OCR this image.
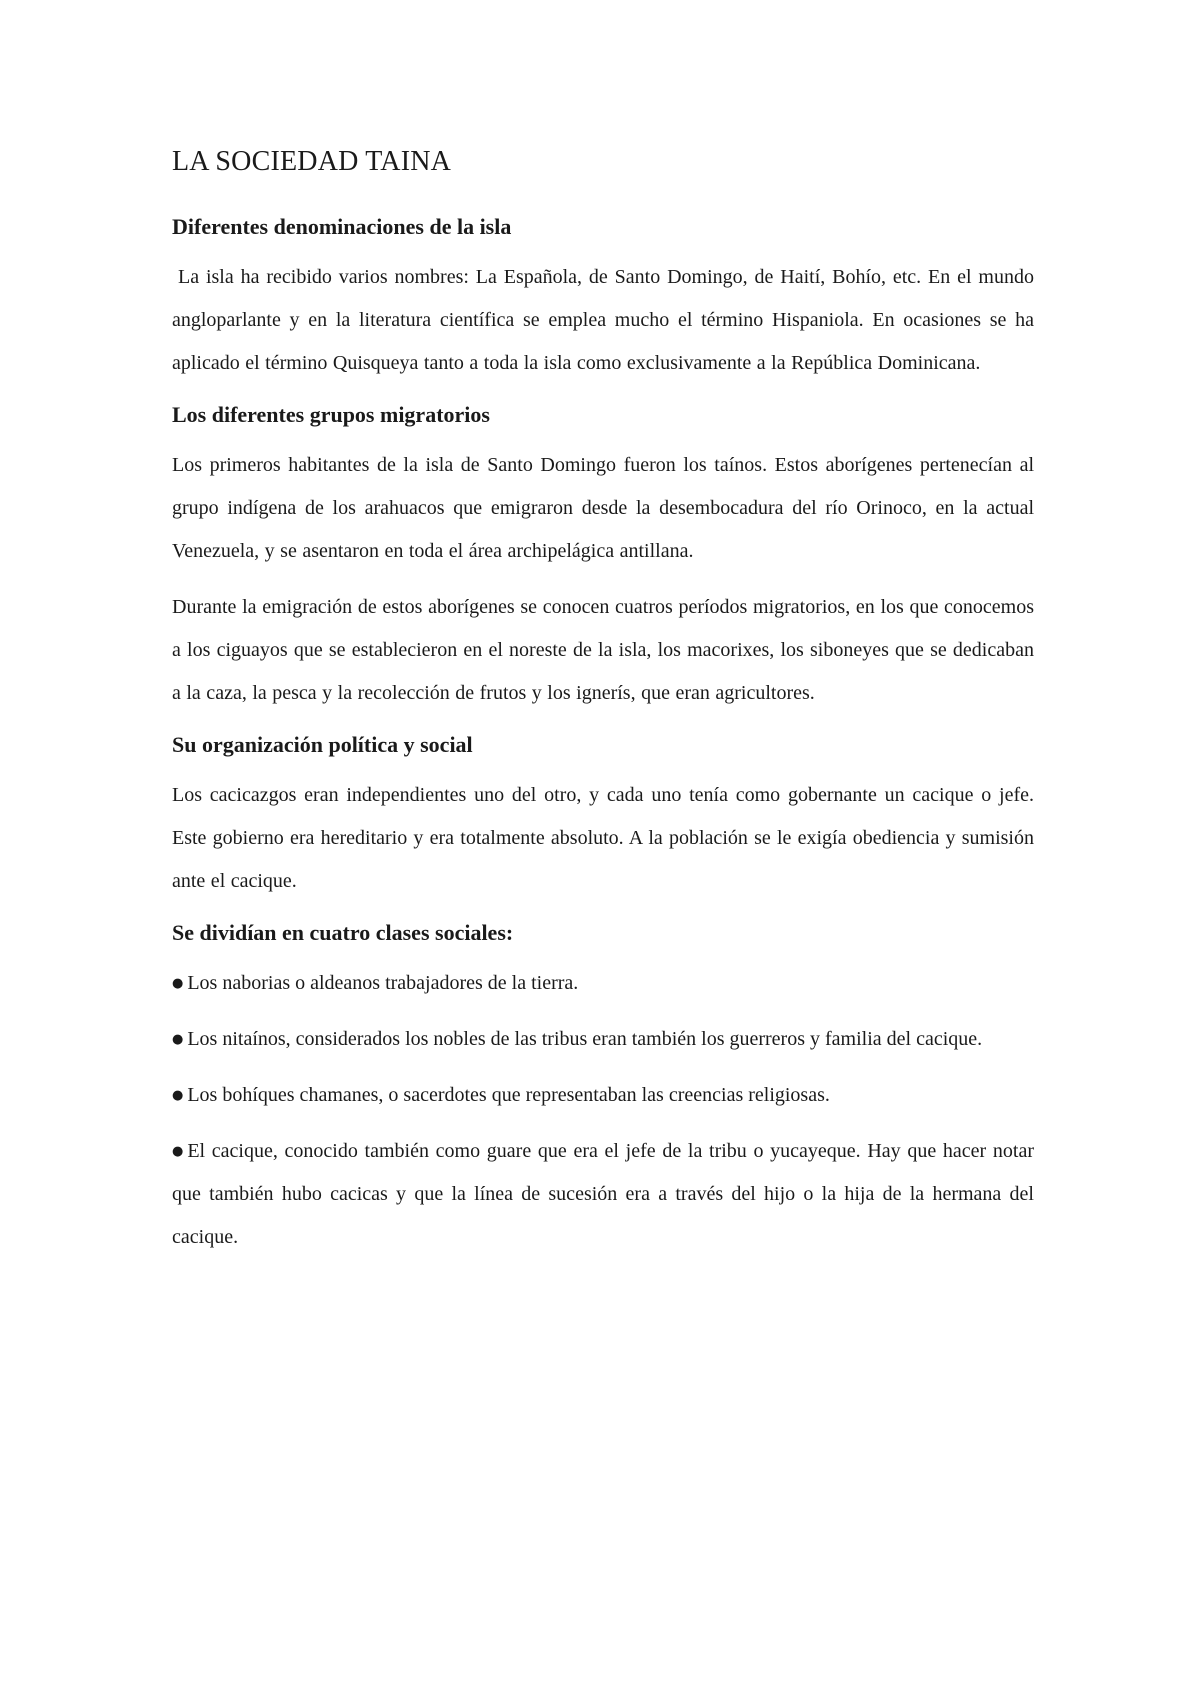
LA SOCIEDAD TAINA
Diferentes denominaciones de la isla

La isla ha recibido varios nombres: La Española, de Santo Domingo, de Haití, Bohío, etc. En el mundo angloparlante y en la literatura científica se emplea mucho el término Hispaniola. En ocasiones se ha aplicado el término Quisqueya tanto a toda la isla como exclusivamente a la República Dominicana.

Los diferentes grupos migratorios

Los primeros habitantes de la isla de Santo Domingo fueron los taínos. Estos aborígenes pertenecían al grupo indígena de los arahuacos que emigraron desde la desembocadura del río Orinoco, en la actual Venezuela, y se asentaron en toda el área archipelágica antillana.

Durante la emigración de estos aborígenes se conocen cuatros períodos migratorios, en los que conocemos a los ciguayos que se establecieron en el noreste de la isla, los macorixes, los siboneyes que se dedicaban a la caza, la pesca y la recolección de frutos y los ignerís, que eran agricultores.

Su organización política y social

Los cacicazgos eran independientes uno del otro, y cada uno tenía como gobernante un cacique o jefe. Este gobierno era hereditario y era totalmente absoluto. A la población se le exigía obediencia y sumisión ante el cacique.

Se dividían en cuatro clases sociales:
● Los naborias o aldeanos trabajadores de la tierra.
● Los nitaínos, considerados los nobles de las tribus eran también los guerreros y familia del cacique.
● Los bohíques chamanes, o sacerdotes que representaban las creencias religiosas.
● El cacique, conocido también como guare que era el jefe de la tribu o yucayeque. Hay que hacer notar que también hubo cacicas y que la línea de sucesión era a través del hijo o la hija de la hermana del cacique.
